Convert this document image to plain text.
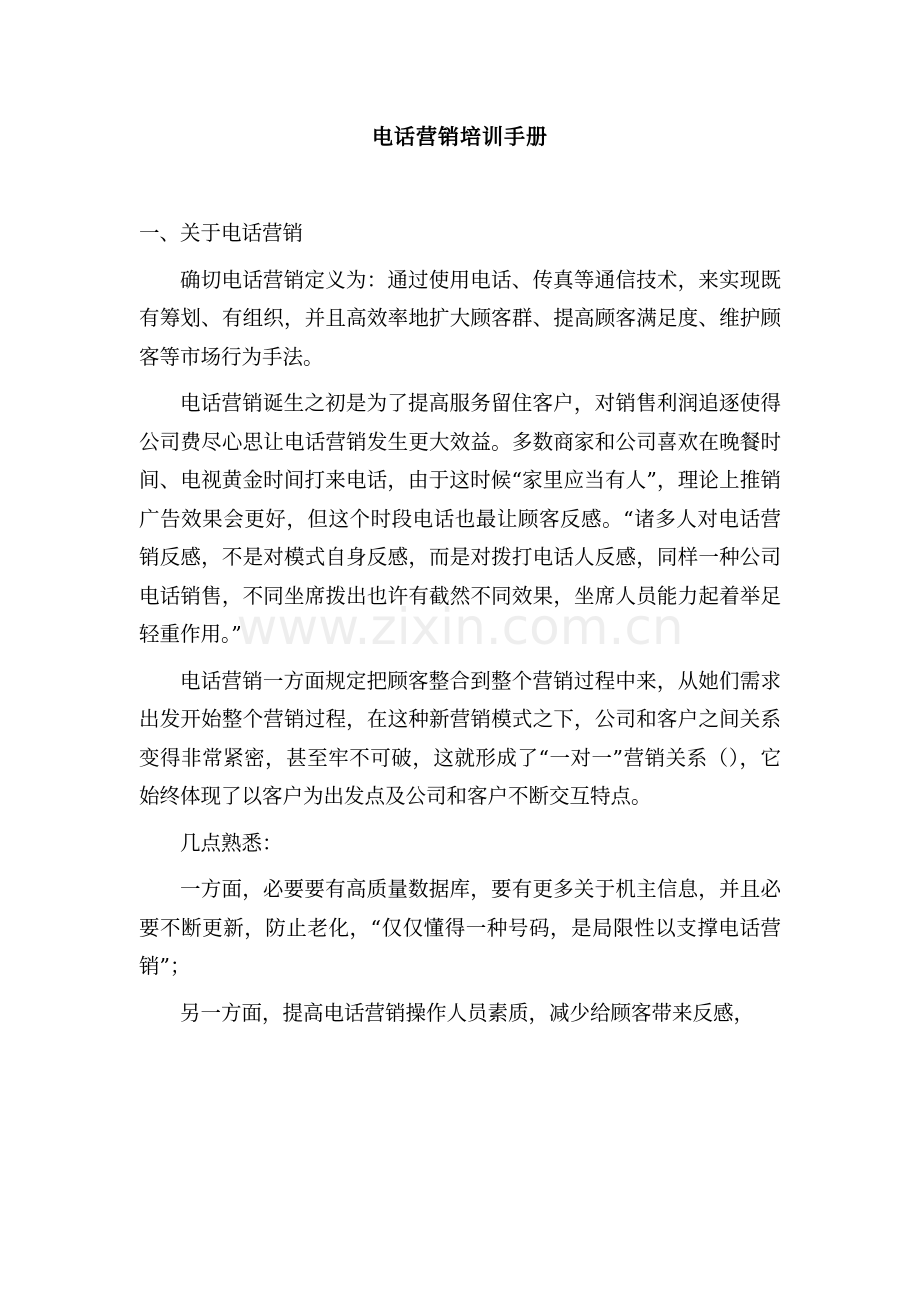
电话营销培训手册
一、关于电话营销

确切电话营销定义为：通过使用电话、传真等通信技术，来实现既有筹划、有组织，并且高效率地扩大顾客群、提高顾客满足度、维护顾客等市场行为手法。

电话营销诞生之初是为了提高服务留住客户，对销售利润追逐使得公司费尽心思让电话营销发生更大效益。多数商家和公司喜欢在晚餐时间、电视黄金时间打来电话，由于这时候“家里应当有人”，理论上推销广告效果会更好，但这个时段电话也最让顾客反感。“诸多人对电话营销反感，不是对模式自身反感，而是对拨打电话人反感，同样一种公司电话销售，不同坐席拨出也许有截然不同效果，坐席人员能力起着举足轻重作用。”

电话营销一方面规定把顾客整合到整个营销过程中来，从她们需求出发开始整个营销过程，在这种新营销模式之下，公司和客户之间关系变得非常紧密，甚至牢不可破，这就形成了“一对一”营销关系（），它始终体现了以客户为出发点及公司和客户不断交互特点。

几点熟悉：

一方面，必要要有高质量数据库，要有更多关于机主信息，并且必要不断更新，防止老化，“仅仅懂得一种号码，是局限性以支撑电话营销”；

另一方面，提高电话营销操作人员素质，减少给顾客带来反感，

www.zixin.com.cn
